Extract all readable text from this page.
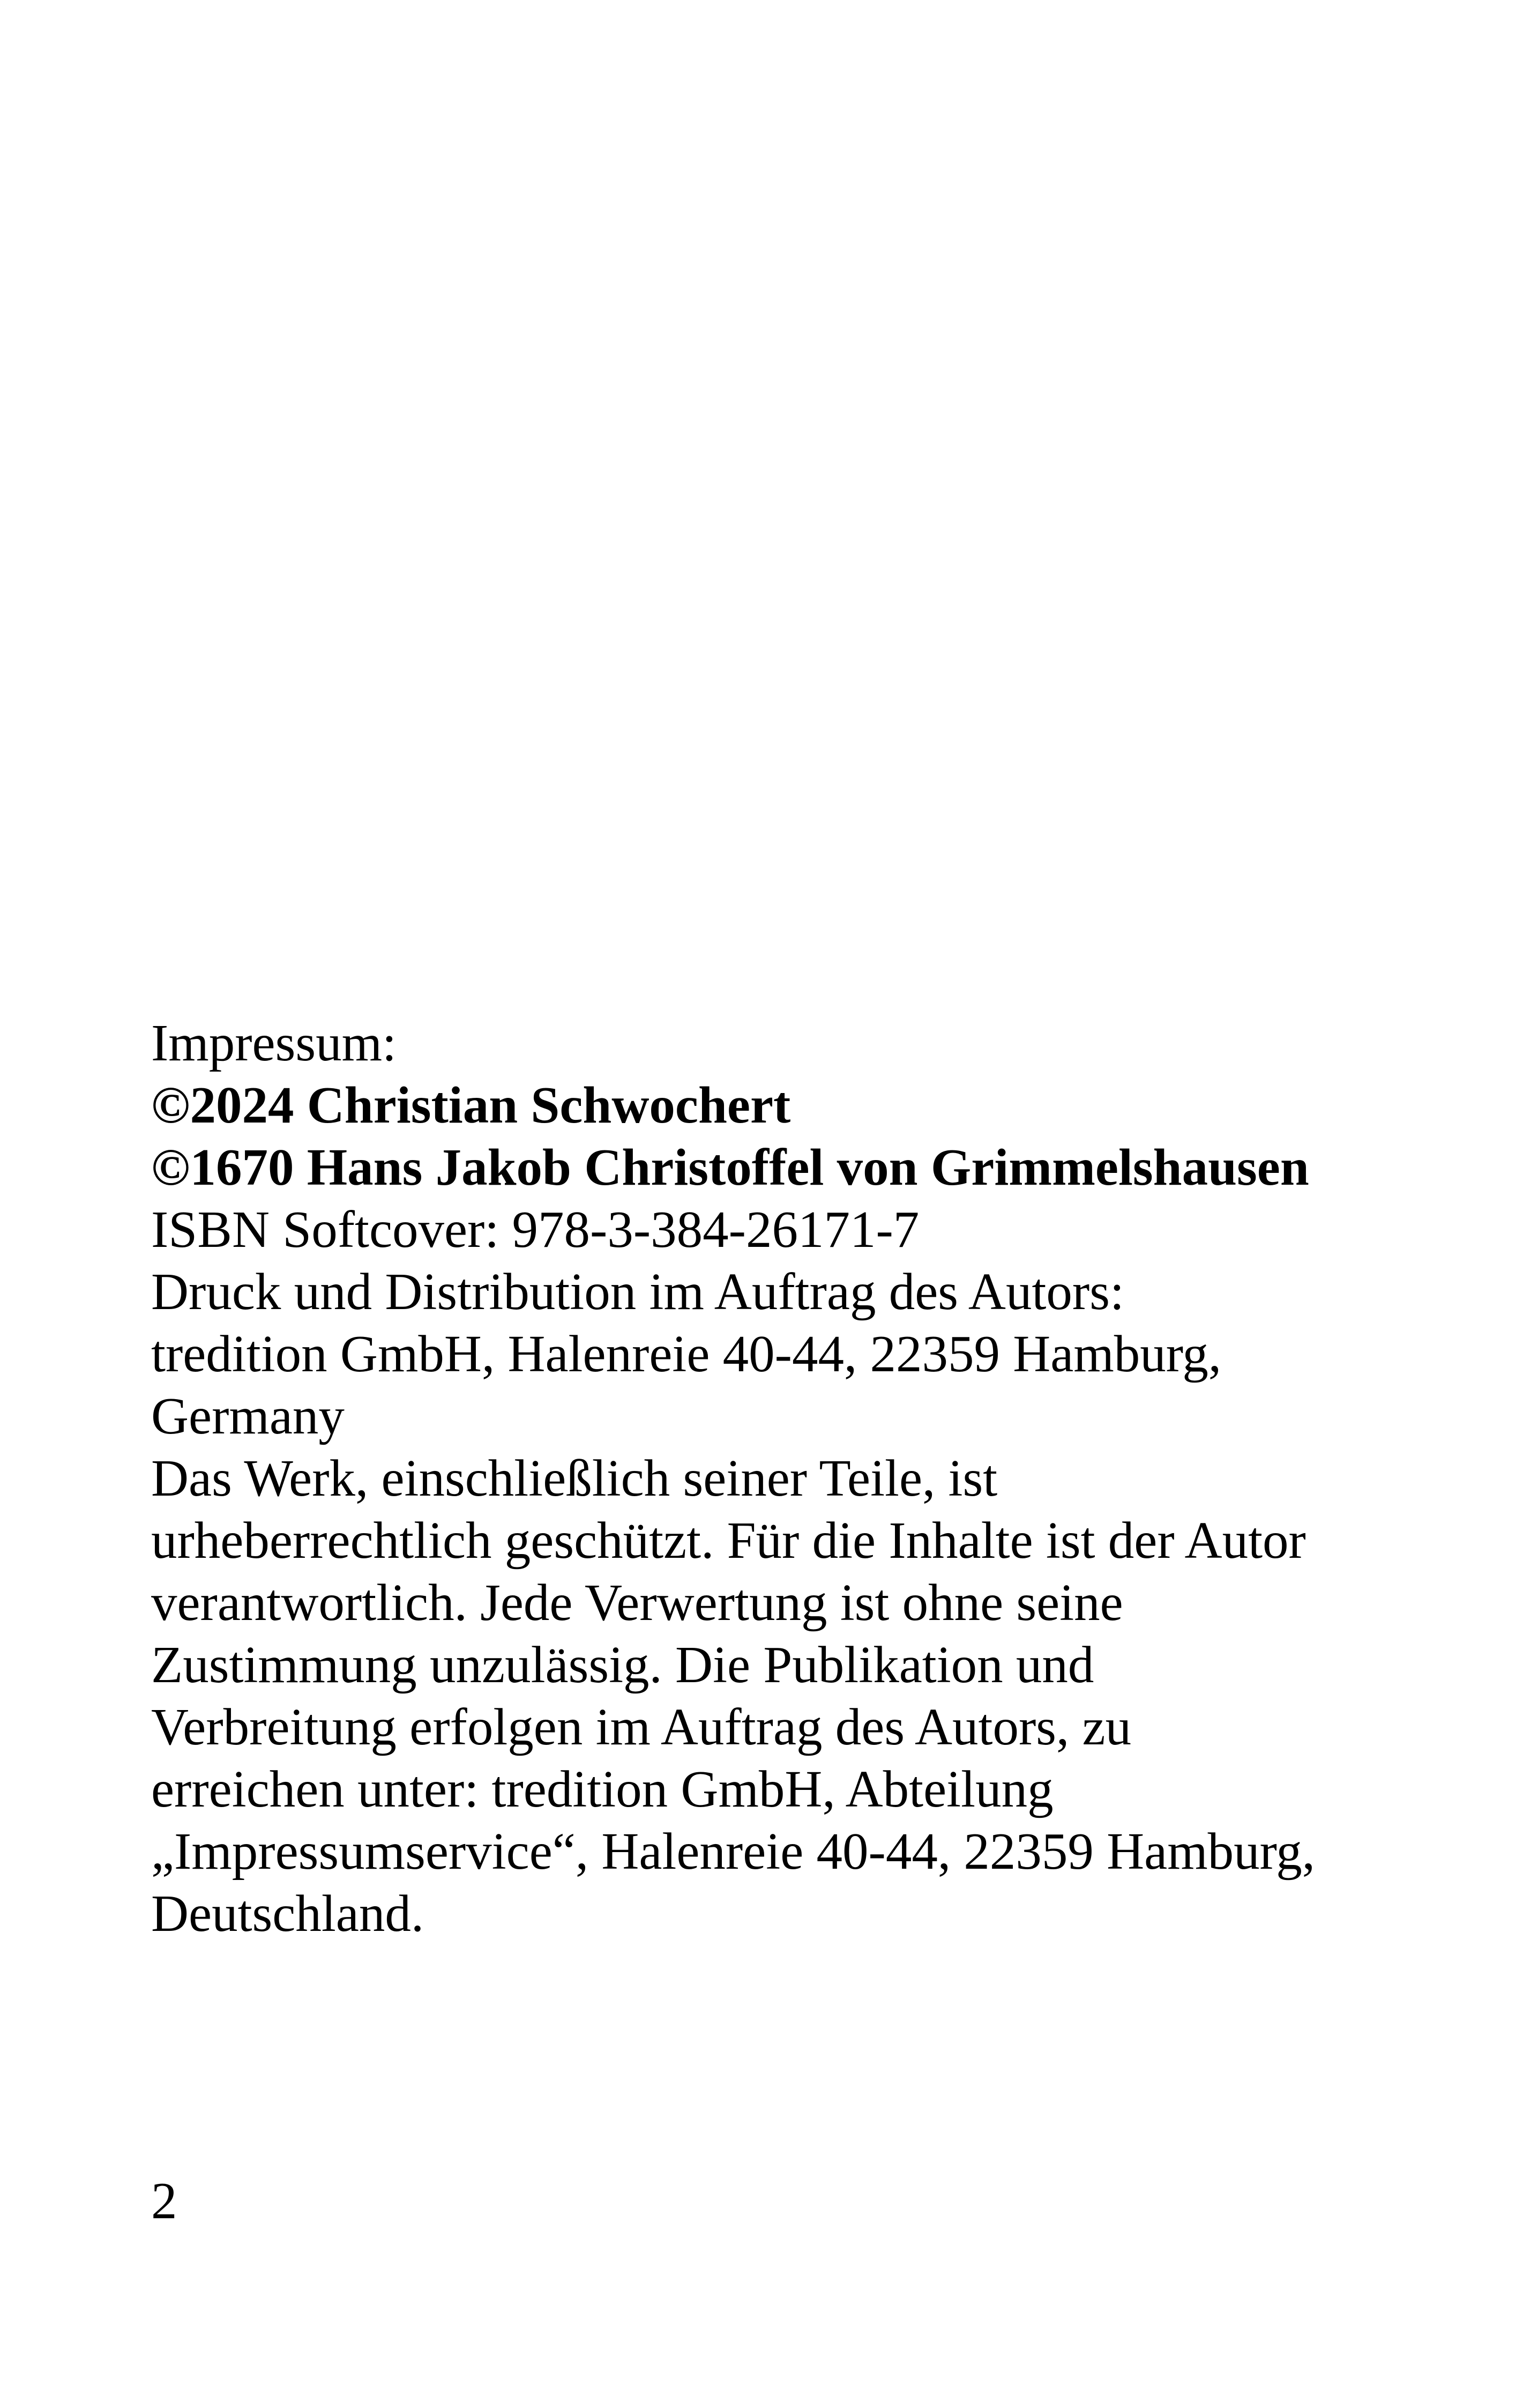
Impressum:
©2024 Christian Schwochert
©1670 Hans Jakob Christoffel von Grimmelshausen
ISBN Softcover: 978-3-384-26171-7
Druck und Distribution im Auftrag des Autors:
tredition GmbH, Halenreie 40-44, 22359 Hamburg,
Germany
Das Werk, einschließlich seiner Teile, ist
urheberrechtlich geschützt. Für die Inhalte ist der Autor
verantwortlich. Jede Verwertung ist ohne seine
Zustimmung unzulässig. Die Publikation und
Verbreitung erfolgen im Auftrag des Autors, zu
erreichen unter: tredition GmbH, Abteilung
„Impressumservice“, Halenreie 40-44, 22359 Hamburg,
Deutschland.
2
